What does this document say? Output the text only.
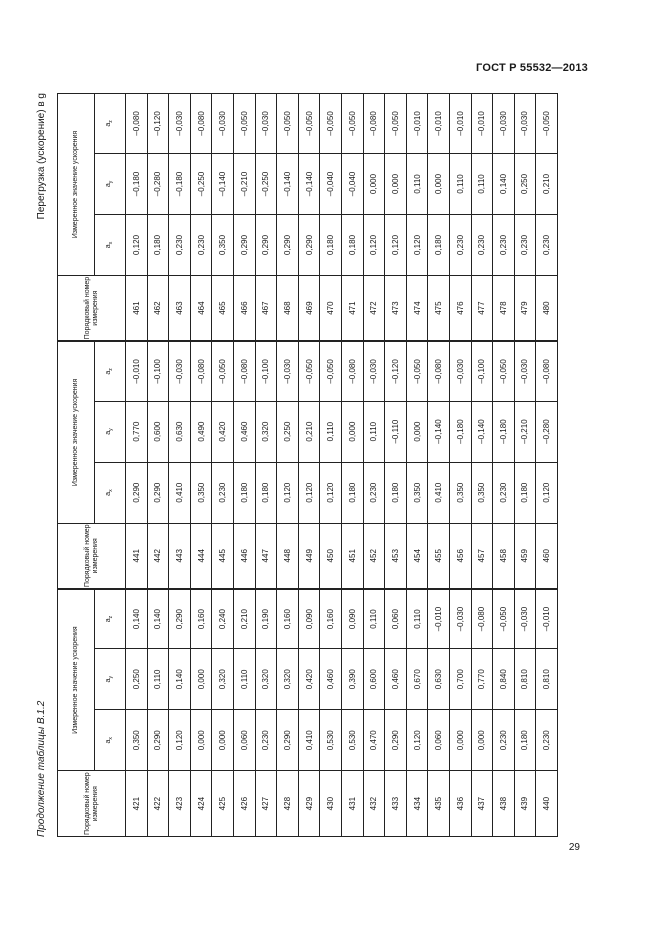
ГОСТ Р 55532—2013
Продолжение таблицы В.1.2
Перегрузка (ускорение) в g
Порядковый номер измерения	Измеренное значение ускорения			Порядковый номер измерения	Измеренное значение ускорения			Порядковый номер измерения	Измеренное значение ускорения		
	$a_x$	$a_y$	$a_z$		$a_x$	$a_y$	$a_z$		$a_x$	$a_y$	$a_z$
421	0,350	0,250	0,140	441	0,290	0,770	–0,010	461	0,120	–0,180	–0,080
422	0,290	0,110	0,140	442	0,290	0,600	–0,100	462	0,180	–0,280	–0,120
423	0,120	0,140	0,290	443	0,410	0,630	–0,030	463	0,230	–0,180	–0,030
424	0,000	0,000	0,160	444	0,350	0,490	–0,080	464	0,230	–0,250	–0,080
425	0,000	0,320	0,240	445	0,230	0,420	–0,050	465	0,350	–0,140	–0,030
426	0,060	0,110	0,210	446	0,180	0,460	–0,080	466	0,290	–0,210	–0,050
427	0,230	0,320	0,190	447	0,180	0,320	–0,100	467	0,290	–0,250	–0,030
428	0,290	0,320	0,160	448	0,120	0,250	–0,030	468	0,290	–0,140	–0,050
429	0,410	0,420	0,090	449	0,120	0,210	–0,050	469	0,290	–0,140	–0,050
430	0,530	0,460	0,160	450	0,120	0,110	–0,050	470	0,180	–0,040	–0,050
431	0,530	0,390	0,090	451	0,180	0,000	–0,080	471	0,180	–0,040	–0,050
432	0,470	0,600	0,110	452	0,230	0,110	–0,030	472	0,120	0,000	–0,080
433	0,290	0,460	0,060	453	0,180	–0,110	–0,120	473	0,120	0,000	–0,050
434	0,120	0,670	0,110	454	0,350	0,000	–0,050	474	0,120	0,110	–0,010
435	0,060	0,630	–0,010	455	0,410	–0,140	–0,080	475	0,180	0,000	–0,010
436	0,000	0,700	–0,030	456	0,350	–0,180	–0,030	476	0,230	0,110	–0,010
437	0,000	0,770	–0,080	457	0,350	–0,140	–0,100	477	0,230	0,110	–0,010
438	0,230	0,840	–0,050	458	0,230	–0,180	–0,050	478	0,230	0,140	–0,030
439	0,180	0,810	–0,030	459	0,180	–0,210	–0,030	479	0,230	0,250	–0,030
440	0,230	0,810	–0,010	460	0,120	–0,280	–0,080	480	0,230	0,210	–0,050
29
